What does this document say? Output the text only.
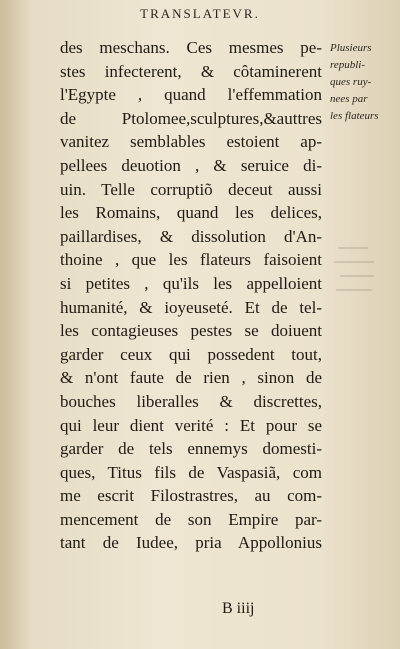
TRANSLATEVR.
des meschans. Ces mesmes pe-
stes infecterent, & côtaminerent
l'Egypte , quand l'effemmation
de Ptolomee,sculptures,&auttres
vanitez semblables estoient ap-
pellees deuotion , & seruice di-
uin. Telle corruptiõ deceut aussi
les Romains, quand les delices,
paillardises, & dissolution d'An-
thoine , que les flateurs faisoient
si petites , qu'ils les appelloient
humanité, & ioyeuseté. Et de tel-
les contagieuses pestes se doiuent
garder ceux qui possedent tout,
& n'ont faute de rien , sinon de
bouches liberalles & discrettes,
qui leur dient verité : Et pour se
garder de tels ennemys domesti-
ques, Titus fils de Vaspasiã, com
me escrit Filostrastres, au com-
mencement de son Empire par-
tant de Iudee, pria Appollonius
Plusieurs
republi-
ques ruy-
nees par
les flateurs
B iiij
